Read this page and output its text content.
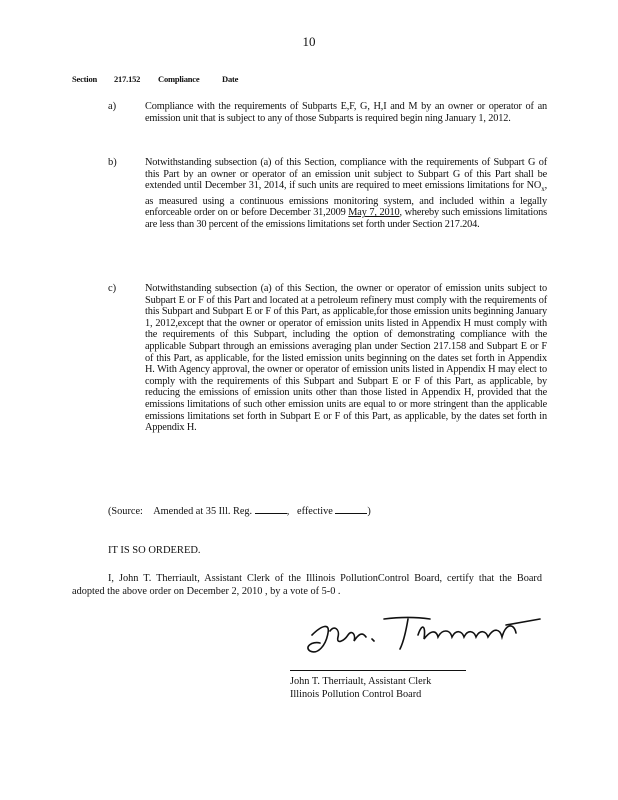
10
Section 217.152 Compliance	Date
a)	Compliance with the requirements of Subparts E,F, G, H,I and M by an owner or operator of an emission unit that is subject to any of those Subparts is required begin ning January 1, 2012.
b)	Notwithstanding subsection (a) of this Section, compliance with the requirements of Subpart G of this Part by an owner or operator of an emission unit subject to Subpart G of this Part shall be extended until December 31, 2014, if such units are required to meet emissions limitations for $NO_x$, as measured using a continuous emissions monitoring system, and included within a legally enforceable order on or before December 31,2009 May 7, 2010, whereby such emissions limitations are less than 30 percent of the emissions limitations set forth under Section 217.204.
c)	Notwithstanding subsection (a) of this Section, the owner or operator of emission units subject to Subpart E or F of this Part and located at a petroleum refinery must comply with the requirements of this Subpart and Subpart E or F of this Part, as applicable,for those emission units beginning January 1, 2012,except that the owner or operator of emission units listed in Appendix H must comply with the requirements of this Subpart, including the option of demonstrating compliance with the applicable Subpart through an emissions averaging plan under Section 217.158 and Subpart E or F of this Part, as applicable, for the listed emission units beginning on the dates set forth in Appendix H. With Agency approval, the owner or operator of emission units listed in Appendix H may elect to comply with the requirements of this Subpart and Subpart E or F of this Part, as applicable, by reducing the emissions of emission units other than those listed in Appendix H, provided that the emissions limitations of such other emission units are equal to or more stringent than the applicable emissions limitations set forth in Subpart E or F of this Part, as applicable, by the dates set forth in Appendix H.
(Source: Amended at 35 Ill. Reg.	,   effective	)
IT IS SO ORDERED.

I, John T. Therriault, Assistant Clerk of the Illinois PollutionControl Board, certify that the Board adopted the above order on December 2, 2010 , by a vote of 5-0 .

John T. Therriault, Assistant Clerk
Illinois Pollution Control Board
